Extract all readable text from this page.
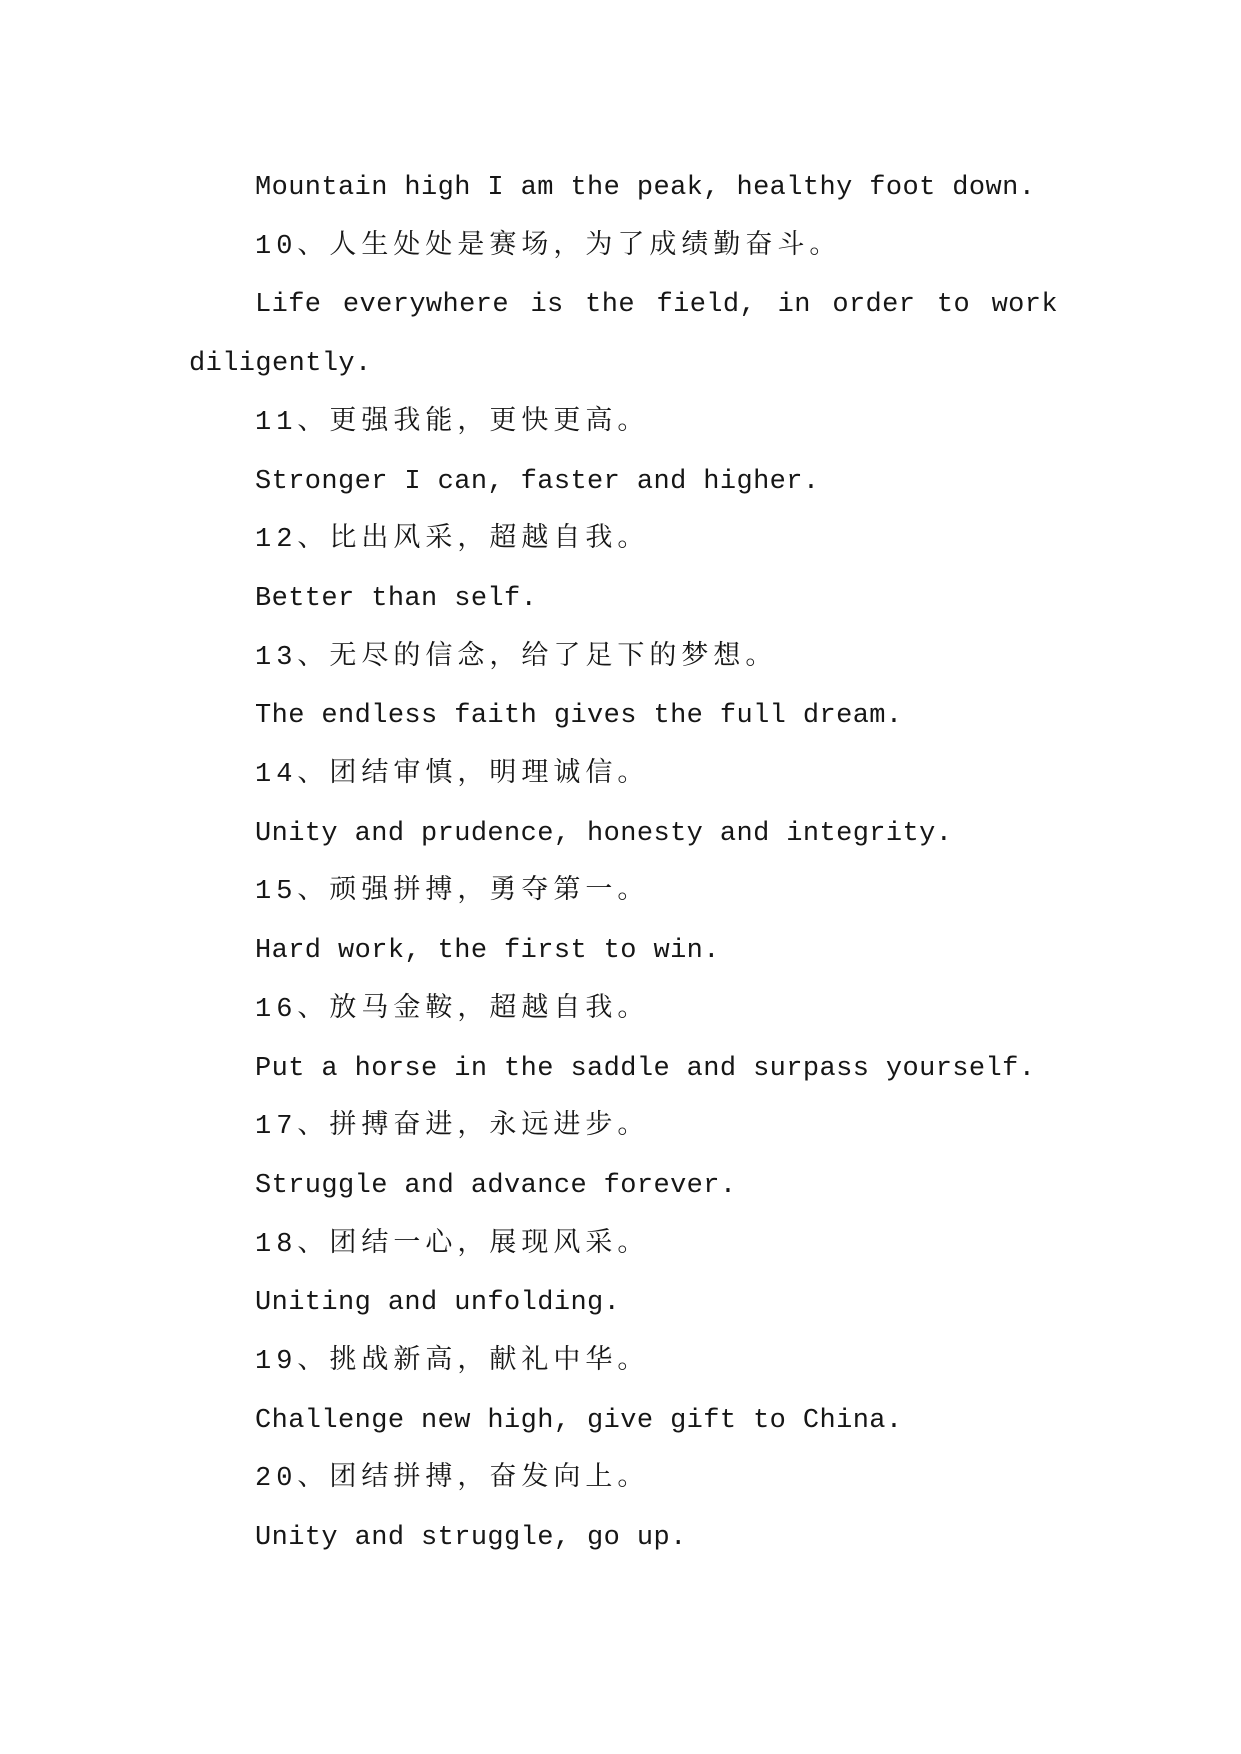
Mountain high I am the peak, healthy foot down.

10、人生处处是赛场，为了成绩勤奋斗。

Life everywhere is the field, in order to work diligently.

11、更强我能，更快更高。

Stronger I can, faster and higher.

12、比出风采，超越自我。

Better than self.

13、无尽的信念，给了足下的梦想。

The endless faith gives the full dream.

14、团结审慎，明理诚信。

Unity and prudence, honesty and integrity.

15、顽强拼搏，勇夺第一。

Hard work, the first to win.

16、放马金鞍，超越自我。

Put a horse in the saddle and surpass yourself.

17、拼搏奋进，永远进步。

Struggle and advance forever.

18、团结一心，展现风采。

Uniting and unfolding.

19、挑战新高，献礼中华。

Challenge new high, give gift to China.

20、团结拼搏，奋发向上。

Unity and struggle, go up.
